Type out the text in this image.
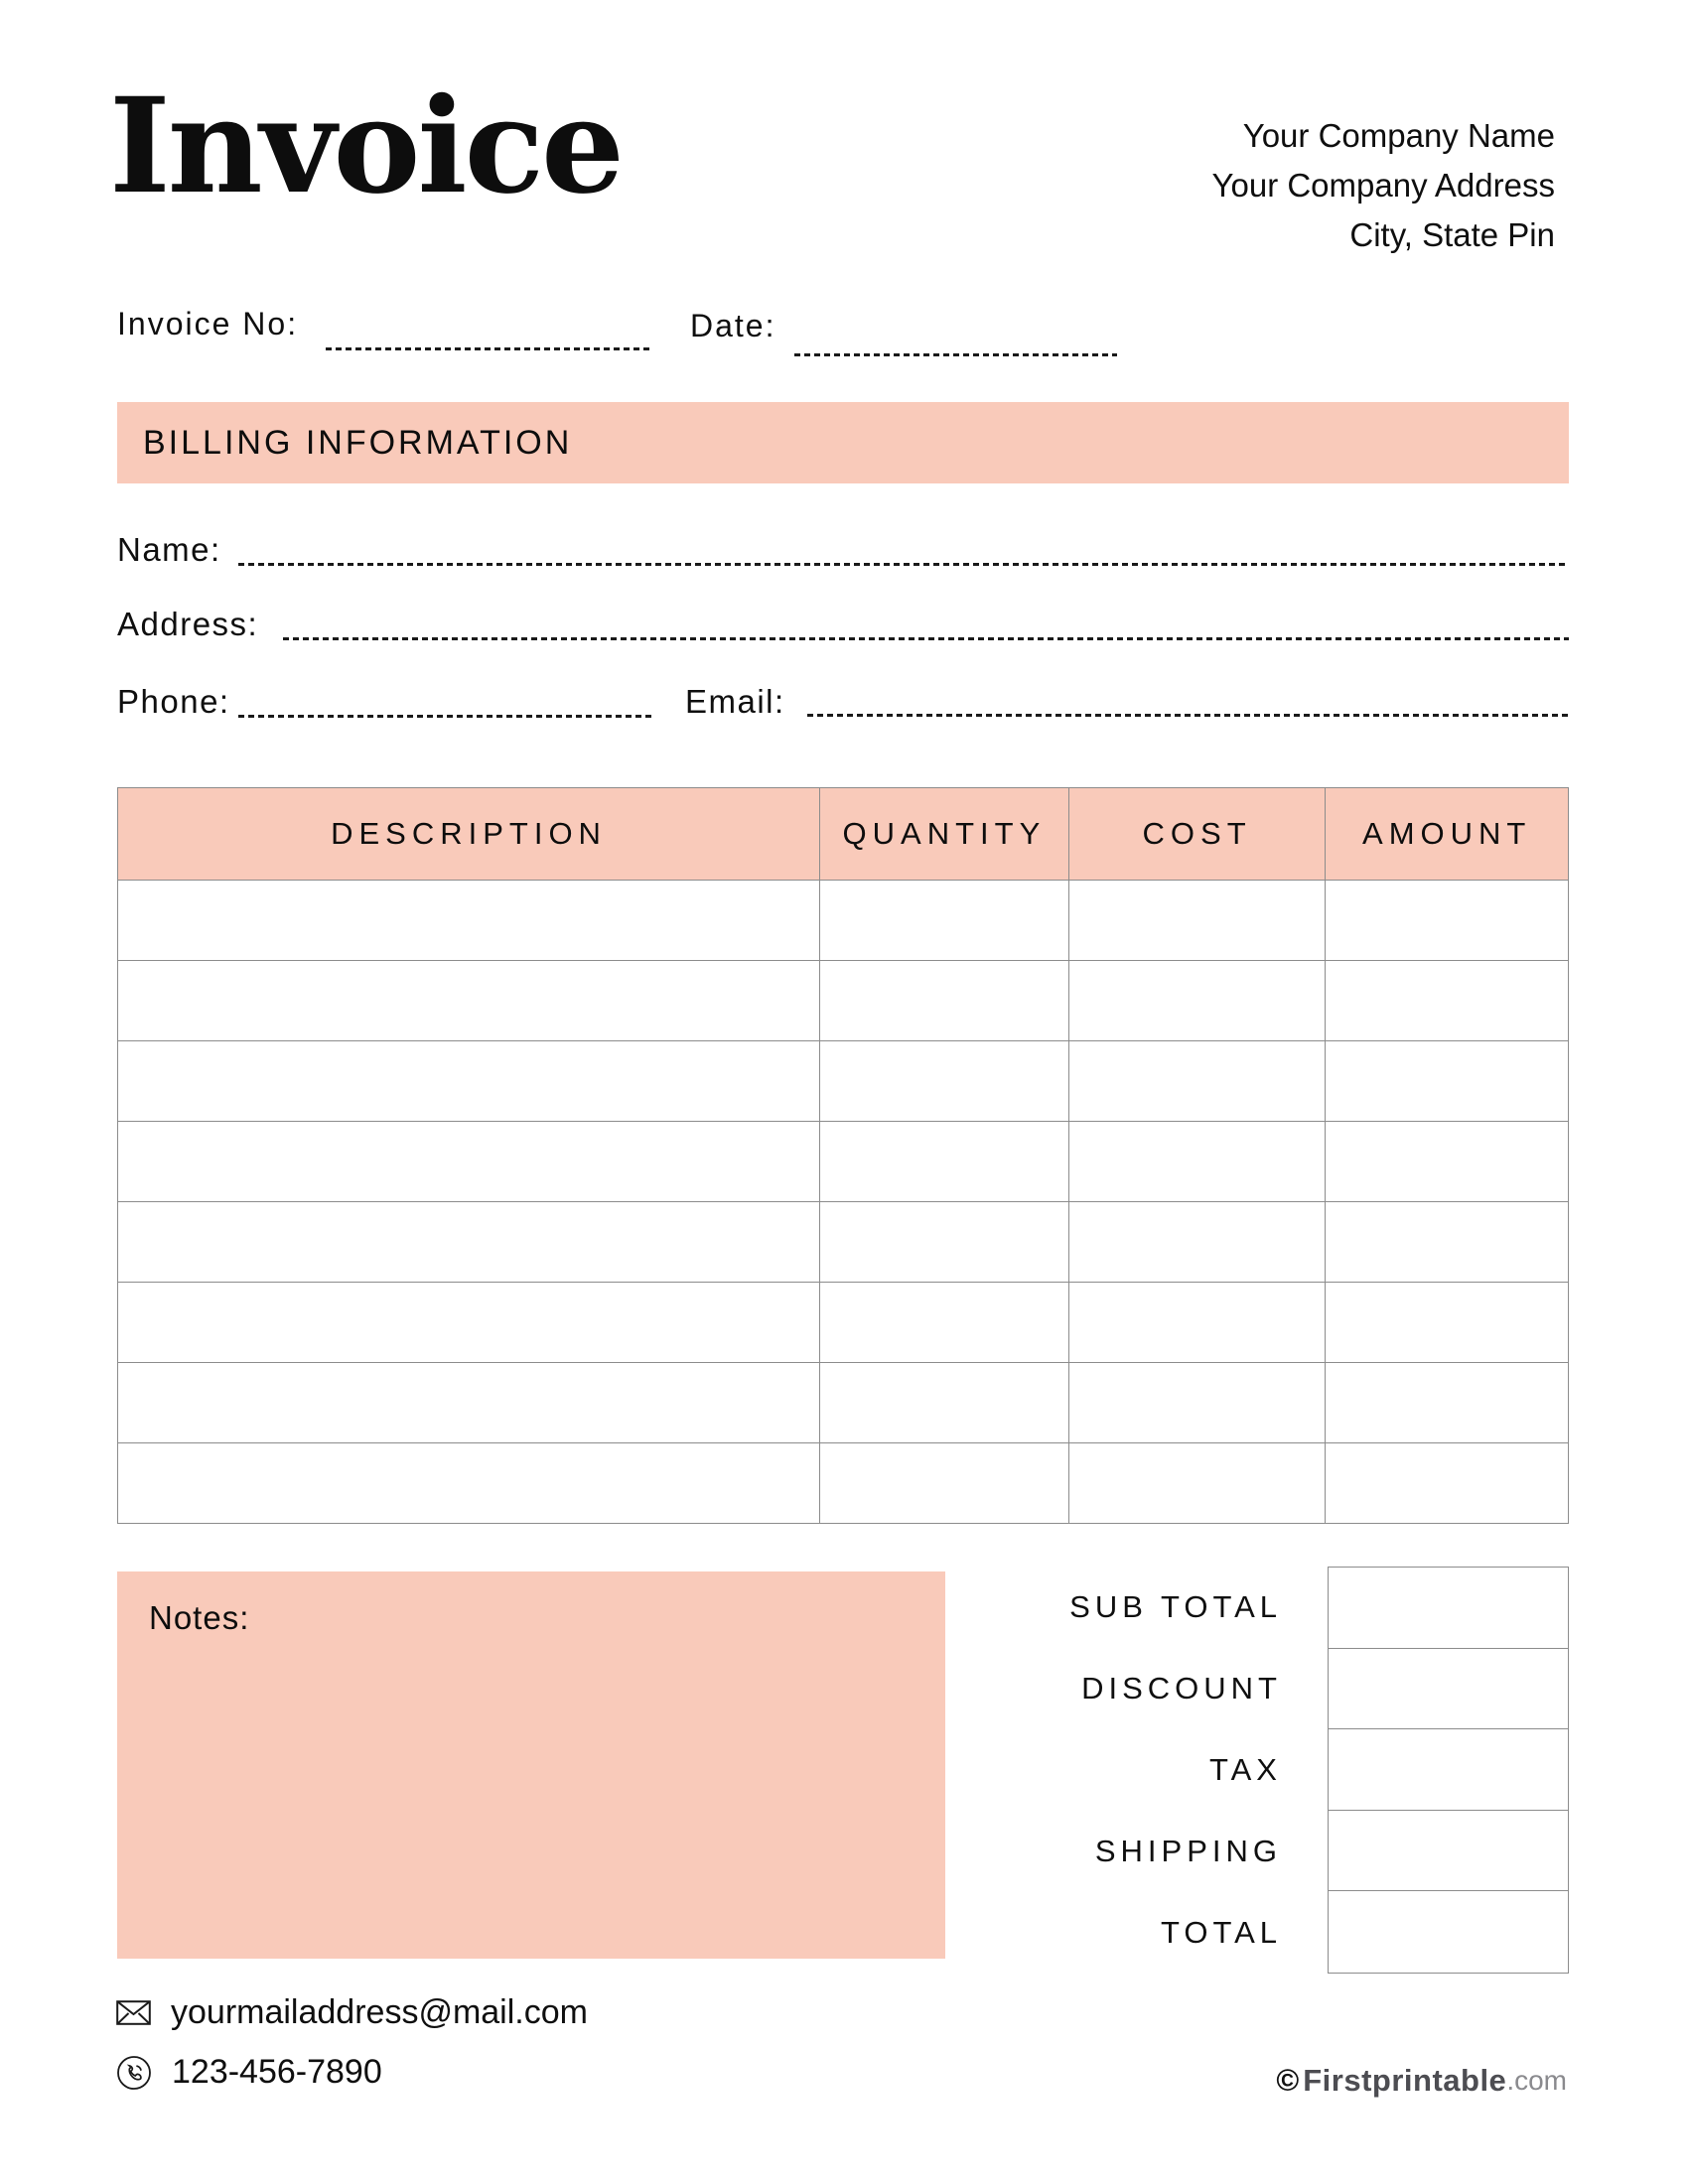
Invoice	Your Company Name
Your Company Address
City, State Pin
Invoice No:	Date:
BILLING INFORMATION
Name:
Address:
Phone:	Email:
DESCRIPTION	QUANTITY	COST	AMOUNT
Notes:	SUB TOTAL
DISCOUNT
TAX
SHIPPING
TOTAL
yourmailaddress@mail.com
123-456-7890	© Firstprintable .com
